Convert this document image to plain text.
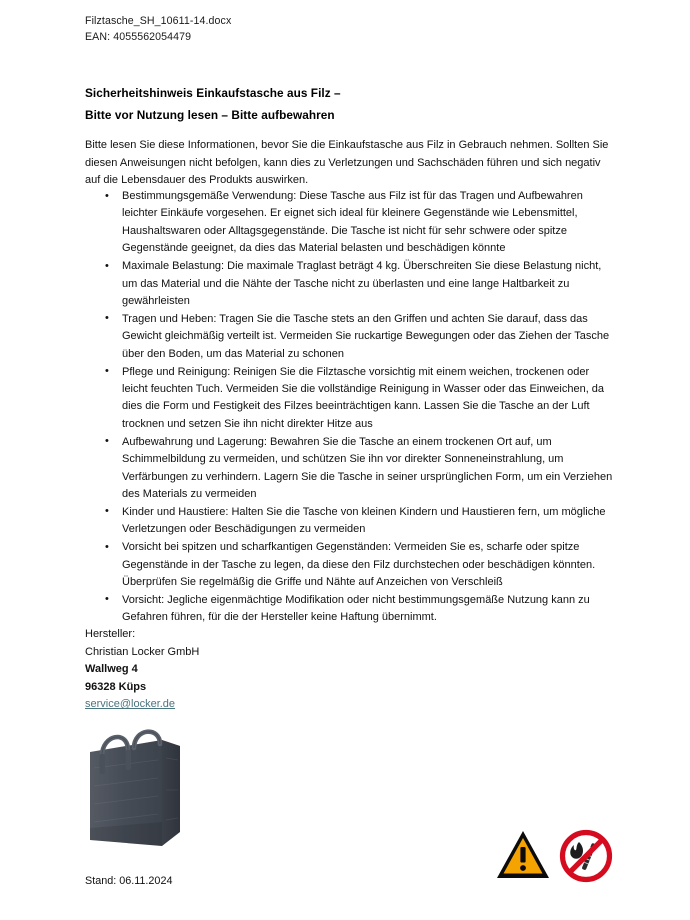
Filztasche_SH_10611-14.docx
EAN: 4055562054479
Sicherheitshinweis Einkaufstasche aus Filz –
Bitte vor Nutzung lesen – Bitte aufbewahren

Bitte lesen Sie diese Informationen, bevor Sie die Einkaufstasche aus Filz in Gebrauch nehmen. Sollten Sie diesen Anweisungen nicht befolgen, kann dies zu Verletzungen und Sachschäden führen und sich negativ auf die Lebensdauer des Produkts auswirken.

• Bestimmungsgemäße Verwendung: Diese Tasche aus Filz ist für das Tragen und Aufbewahren leichter Einkäufe vorgesehen. Er eignet sich ideal für kleinere Gegenstände wie Lebensmittel, Haushaltswaren oder Alltagsgegenstände. Die Tasche ist nicht für sehr schwere oder spitze Gegenstände geeignet, da dies das Material belasten und beschädigen könnte
• Maximale Belastung: Die maximale Traglast beträgt 4 kg. Überschreiten Sie diese Belastung nicht, um das Material und die Nähte der Tasche nicht zu überlasten und eine lange Haltbarkeit zu gewährleisten
• Tragen und Heben: Tragen Sie die Tasche stets an den Griffen und achten Sie darauf, dass das Gewicht gleichmäßig verteilt ist. Vermeiden Sie ruckartige Bewegungen oder das Ziehen der Tasche über den Boden, um das Material zu schonen
• Pflege und Reinigung: Reinigen Sie die Filztasche vorsichtig mit einem weichen, trockenen oder leicht feuchten Tuch. Vermeiden Sie die vollständige Reinigung in Wasser oder das Einweichen, da dies die Form und Festigkeit des Filzes beeinträchtigen kann. Lassen Sie die Tasche an der Luft trocknen und setzen Sie ihn nicht direkter Hitze aus
• Aufbewahrung und Lagerung: Bewahren Sie die Tasche an einem trockenen Ort auf, um Schimmelbildung zu vermeiden, und schützen Sie ihn vor direkter Sonneneinstrahlung, um Verfärbungen zu verhindern. Lagern Sie die Tasche in seiner ursprünglichen Form, um ein Verziehen des Materials zu vermeiden
• Kinder und Haustiere: Halten Sie die Tasche von kleinen Kindern und Haustieren fern, um mögliche Verletzungen oder Beschädigungen zu vermeiden
• Vorsicht bei spitzen und scharfkantigen Gegenständen: Vermeiden Sie es, scharfe oder spitze Gegenstände in der Tasche zu legen, da diese den Filz durchstechen oder beschädigen könnten. Überprüfen Sie regelmäßig die Griffe und Nähte auf Anzeichen von Verschleiß
• Vorsicht: Jegliche eigenmächtige Modifikation oder nicht bestimmungsgemäße Nutzung kann zu Gefahren führen, für die der Hersteller keine Haftung übernimmt.
Hersteller:
Christian Locker GmbH
Wallweg 4
96328 Küps
service@locker.de
Stand: 06.11.2024
